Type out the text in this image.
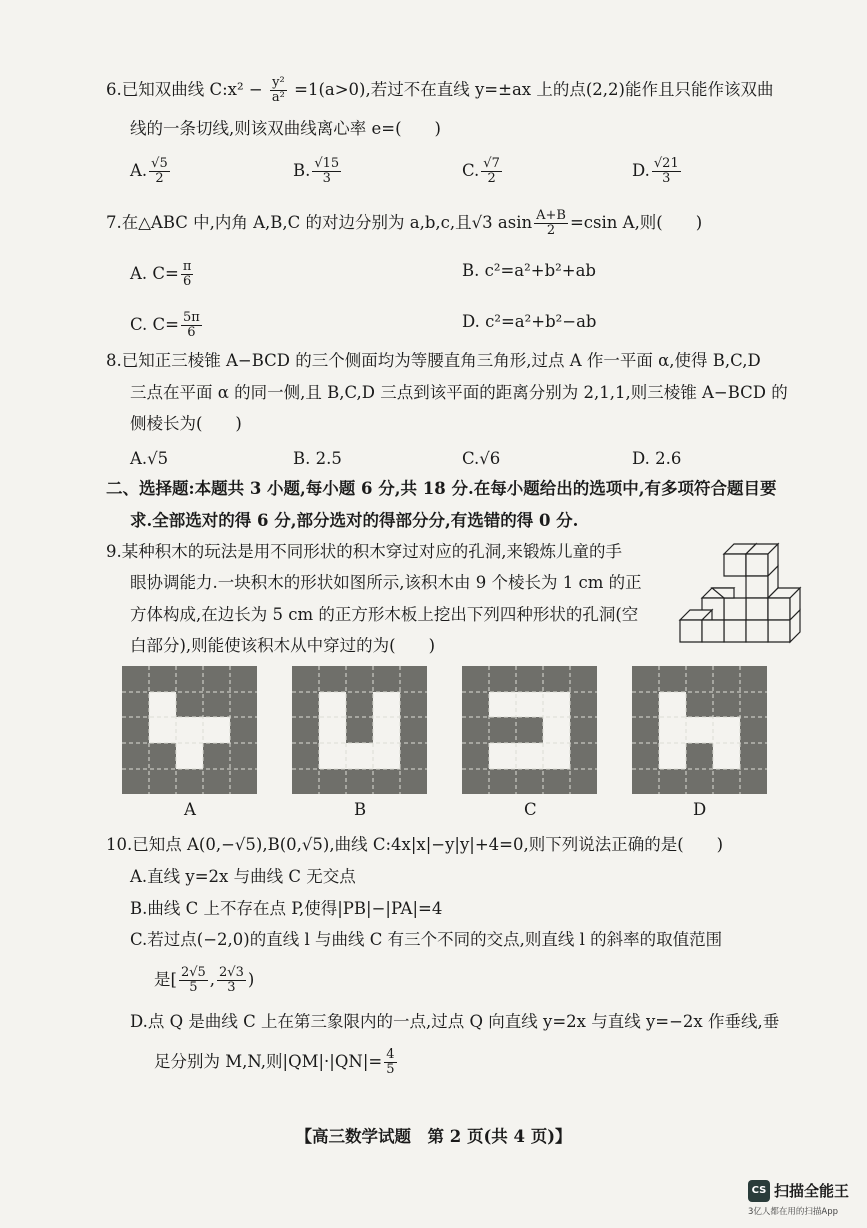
6.已知双曲线 C:x² − $\frac{\text{y²}}{\text{a²}} =1(a>0)$,若过不在直线 y=±ax 上的点(2,2)能作且只能作该双曲
线的一条切线,则该双曲线离心率 e=(　　)
A. $\frac{√5}{2}$	B. $\frac{√15}{3}$	C. $\frac{√7}{2}$	D. $\frac{√21}{3}$
7.在△ABC 中,内角 A,B,C 的对边分别为 a,b,c,且√3 asin $\frac{A+B}{2} =csin$ A,则(　　)
A. $C= \frac{\pi}{6}$	B. c²=a²+b²+ab
C. $C= \frac{5\pi}{6}$	D. c²=a²+b²−ab
8.已知正三棱锥 A−BCD 的三个侧面均为等腰直角三角形,过点 A 作一平面 α,使得 B,C,D
三点在平面 α 的同一侧,且 B,C,D 三点到该平面的距离分别为 2,1,1,则三棱锥 A−BCD 的
侧棱长为(　　)
A.√5	B. 2.5	C.√6	D. 2.6
二、选择题:本题共 3 小题,每小题 6 分,共 18 分.在每小题给出的选项中,有多项符合题目要
求.全部选对的得 6 分,部分选对的得部分分,有选错的得 0 分.
9.某种积木的玩法是用不同形状的积木穿过对应的孔洞,来锻炼儿童的手
眼协调能力.一块积木的形状如图所示,该积木由 9 个棱长为 1 cm 的正
方体构成,在边长为 5 cm 的正方形木板上挖出下列四种形状的孔洞(空
白部分),则能使该积木从中穿过的为(　　)
A	B	C	D
10.已知点 A(0,−√5),B(0,√5),曲线 C:4x|x|−y|y|+4=0,则下列说法正确的是(　　)
A.直线 y=2x 与曲线 C 无交点
B.曲线 C 上不存在点 P,使得|PB|−|PA|=4
C.若过点(−2,0)的直线 l 与曲线 C 有三个不同的交点,则直线 l 的斜率的取值范围
是[ $\frac{2√5}{5}$ , $\frac{2√3}{3}$ )
D.点 Q 是曲线 C 上在第三象限内的一点,过点 Q 向直线 y=2x 与直线 y=−2x 作垂线,垂
足分别为 M,N,则$|QM|\cdot|QN|= \frac{4}{5}$
【高三数学试题　第 2 页(共 4 页)】
CS 扫描全能王
3亿人都在用的扫描App
